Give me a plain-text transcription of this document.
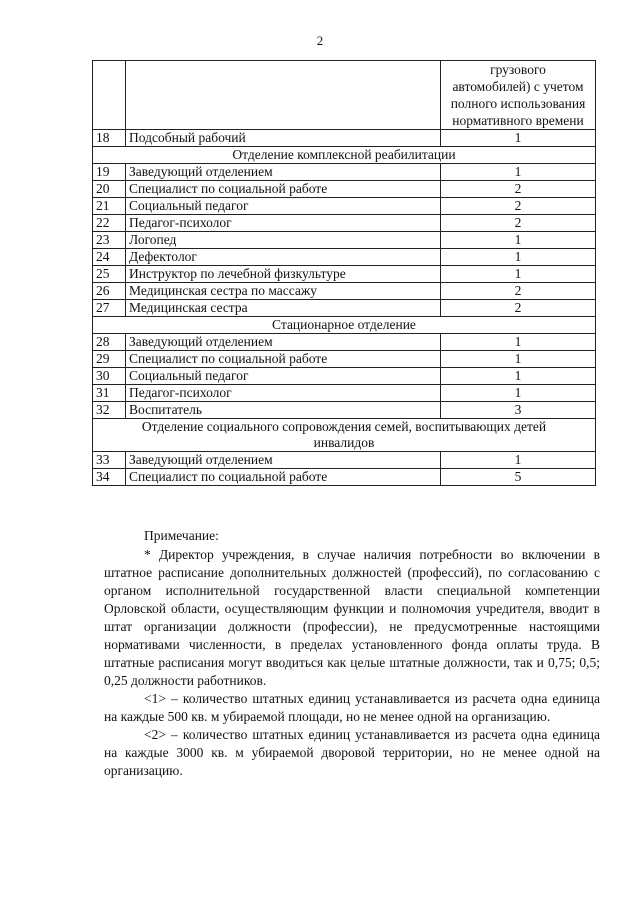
2

		грузового
автомобилей) с учетом
полного использования
нормативного времени

18	Подсобный рабочий	1
Отделение комплексной реабилитации		
19	Заведующий отделением	1
20	Специалист по социальной работе	2
21	Социальный педагог	2
22	Педагог-психолог	2
23	Логопед	1
24	Дефектолог	1
25	Инструктор по лечебной физкультуре	1
26	Медицинская сестра по массажу	2
27	Медицинская сестра	2
Стационарное отделение		
28	Заведующий отделением	1
29	Специалист по социальной работе	1
30	Социальный педагог	1
31	Педагог-психолог	1
32	Воспитатель	3

Отделение социального сопровождения семей, воспитывающих детей
инвалидов		

33	Заведующий отделением	1
34	Специалист по социальной работе	5

Примечание:

* Директор учреждения, в случае наличия потребности во включении в штатное расписание дополнительных должностей (профессий), по согласованию с органом исполнительной государственной власти специальной компетенции Орловской области, осуществляющим функции и полномочия учредителя, вводит в штат организации должности (профессии), не предусмотренные настоящими нормативами численности, в пределах установленного фонда оплаты труда. В штатные расписания могут вводиться как целые штатные должности, так и 0,75; 0,5; 0,25 должности работников.

<1> – количество штатных единиц устанавливается из расчета одна единица на каждые 500 кв. м убираемой площади, но не менее одной на организацию.

<2> – количество штатных единиц устанавливается из расчета одна единица на каждые 3000 кв. м убираемой дворовой территории, но не менее одной на организацию.
